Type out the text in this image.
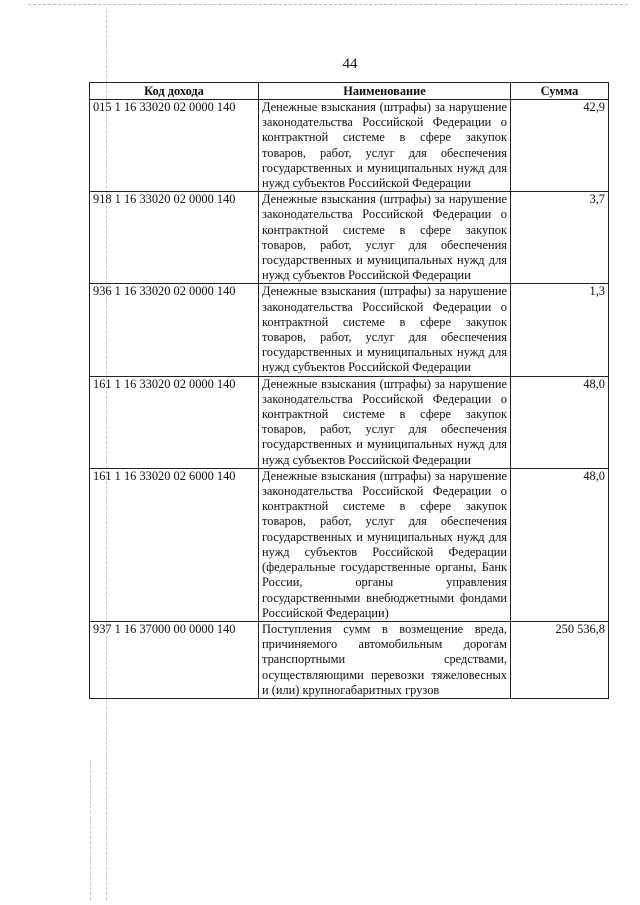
44
Код дохода	Наименование	Сумма
015 1 16 33020 02 0000 140	Денежные взыскания (штрафы) за нарушение законодательства Российской Федерации о контрактной системе в сфере закупок товаров, работ, услуг для обеспечения государственных и муниципальных нужд для нужд субъектов Российской Федерации	42,9
918 1 16 33020 02 0000 140	Денежные взыскания (штрафы) за нарушение законодательства Российской Федерации о контрактной системе в сфере закупок товаров, работ, услуг для обеспечения государственных и муниципальных нужд для нужд субъектов Российской Федерации	3,7
936 1 16 33020 02 0000 140	Денежные взыскания (штрафы) за нарушение законодательства Российской Федерации о контрактной системе в сфере закупок товаров, работ, услуг для обеспечения государственных и муниципальных нужд для нужд субъектов Российской Федерации	1,3
161 1 16 33020 02 0000 140	Денежные взыскания (штрафы) за нарушение законодательства Российской Федерации о контрактной системе в сфере закупок товаров, работ, услуг для обеспечения государственных и муниципальных нужд для нужд субъектов Российской Федерации	48,0
161 1 16 33020 02 6000 140	Денежные взыскания (штрафы) за нарушение законодательства Российской Федерации о контрактной системе в сфере закупок товаров, работ, услуг для обеспечения государственных и муниципальных нужд для нужд субъектов Российской Федерации (федеральные государственные органы, Банк России, органы управления государственными внебюджетными фондами Российской Федерации)	48,0
937 1 16 37000 00 0000 140	Поступления сумм в возмещение вреда, причиняемого автомобильным дорогам транспортными средствами, осуществляющими перевозки тяжеловесных и (или) крупногабаритных грузов	250 536,8
